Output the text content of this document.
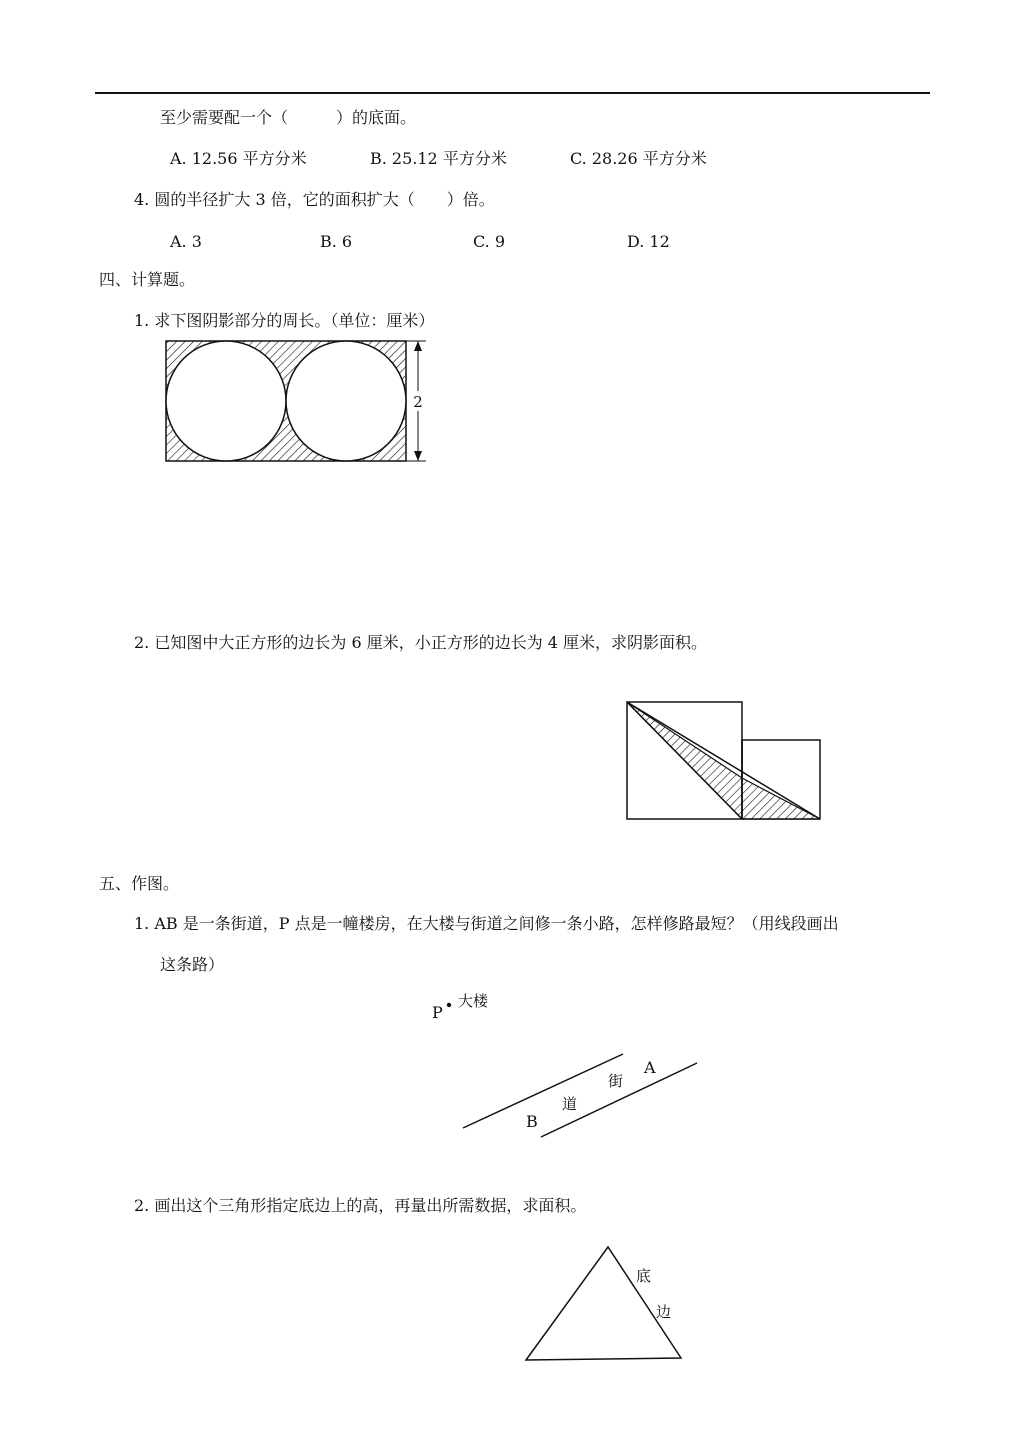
至少需要配一个（　　　）的底面。
A. 12.56 平方分米	B. 25.12 平方分米	C. 28.26 平方分米
4. 圆的半径扩大 3 倍，它的面积扩大（　　）倍。
A. 3	B. 6	C. 9	D. 12
四、计算题。
1. 求下图阴影部分的周长。（单位：厘米）
2. 已知图中大正方形的边长为 6 厘米，小正方形的边长为 4 厘米，求阴影面积。
五、作图。
1. AB 是一条街道，P 点是一幢楼房，在大楼与街道之间修一条小路，怎样修路最短？（用线段画出
这条路）
2. 画出这个三角形指定底边上的高，再量出所需数据，求面积。
2
P
大楼
A
B
街
道
底
边
